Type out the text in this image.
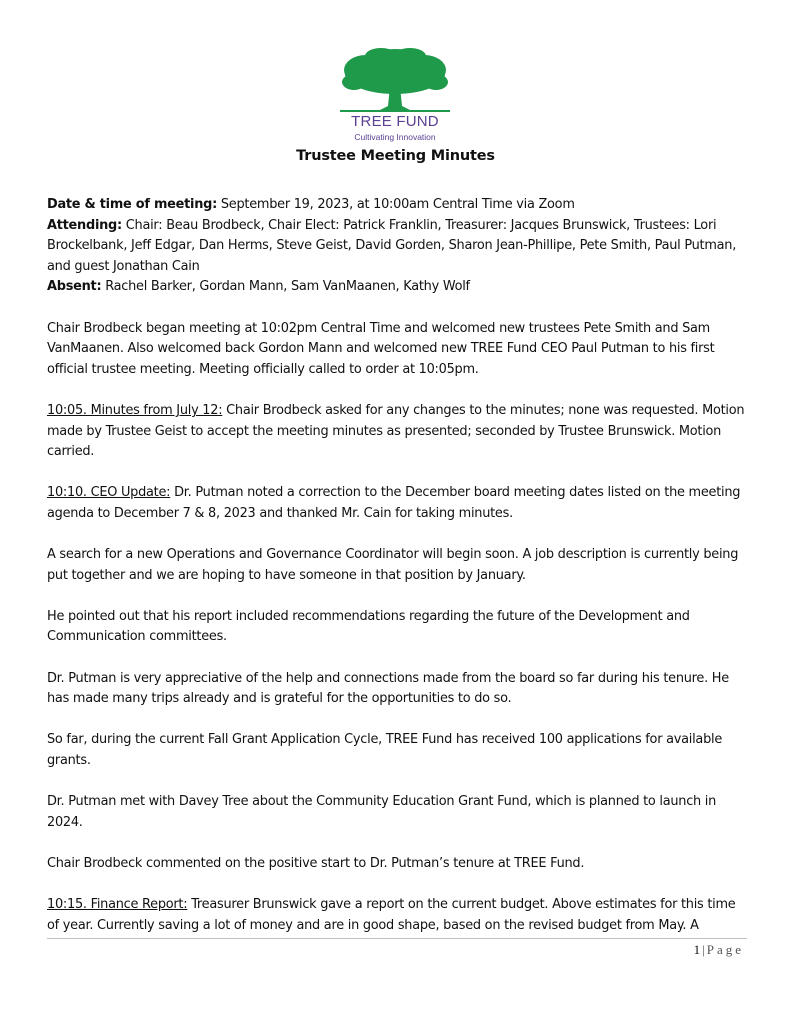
TREE FUND
Cultivating Innovation
Trustee Meeting Minutes

Date & time of meeting: September 19, 2023, at 10:00am Central Time via Zoom

Attending: Chair: Beau Brodbeck, Chair Elect: Patrick Franklin, Treasurer: Jacques Brunswick, Trustees: Lori Brockelbank, Jeff Edgar, Dan Herms, Steve Geist, David Gorden, Sharon Jean-Phillipe, Pete Smith, Paul Putman, and guest Jonathan Cain

Absent: Rachel Barker, Gordan Mann, Sam VanMaanen, Kathy Wolf

Chair Brodbeck began meeting at 10:02pm Central Time and welcomed new trustees Pete Smith and Sam VanMaanen. Also welcomed back Gordon Mann and welcomed new TREE Fund CEO Paul Putman to his first official trustee meeting. Meeting officially called to order at 10:05pm.

10:05. Minutes from July 12: Chair Brodbeck asked for any changes to the minutes; none was requested. Motion made by Trustee Geist to accept the meeting minutes as presented; seconded by Trustee Brunswick. Motion carried.

10:10. CEO Update: Dr. Putman noted a correction to the December board meeting dates listed on the meeting agenda to December 7 & 8, 2023 and thanked Mr. Cain for taking minutes.

A search for a new Operations and Governance Coordinator will begin soon. A job description is currently being put together and we are hoping to have someone in that position by January.

He pointed out that his report included recommendations regarding the future of the Development and Communication committees.

Dr. Putman is very appreciative of the help and connections made from the board so far during his tenure. He has made many trips already and is grateful for the opportunities to do so.

So far, during the current Fall Grant Application Cycle, TREE Fund has received 100 applications for available grants.

Dr. Putman met with Davey Tree about the Community Education Grant Fund, which is planned to launch in 2024.

Chair Brodbeck commented on the positive start to Dr. Putman’s tenure at TREE Fund.

10:15. Finance Report: Treasurer Brunswick gave a report on the current budget. Above estimates for this time of year. Currently saving a lot of money and are in good shape, based on the revised budget from May. A

1 | Page
